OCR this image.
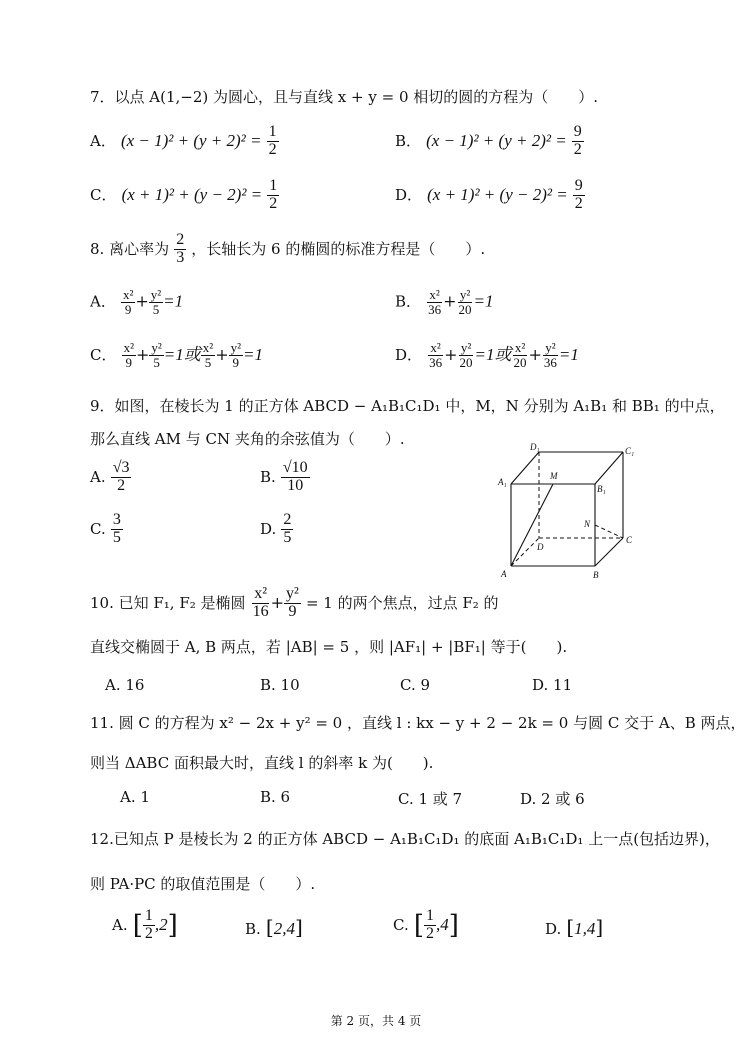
7．以点 A(1,−2) 为圆心，且与直线 x + y = 0 相切的圆的方程为（　　）.
A． $(x - 1)^2 + (y + 2)^2 = \frac{1}{2}$	B． $(x - 1)^2 + (y + 2)^2 = \frac{9}{2}$
C． $(x + 1)^2 + (y - 2)^2 = \frac{1}{2}$	D． $(x + 1)^2 + (y - 2)^2 = \frac{9}{2}$
8. 离心率为 $\frac{2}{3}$ ，长轴长为 6 的椭圆的标准方程是（　　）.
A． $\frac{\text{x²}}{9} + \frac{\text{y²}}{5} =1$	B． $\frac{\text{x²}}{36} + \frac{\text{y²}}{20} =1$
C． $\frac{\text{x²}}{9} + \frac{\text{y²}}{5} =1$或 $\frac{\text{x²}}{5} + \frac{\text{y²}}{9} =1$	D． $\frac{\text{x²}}{36} + \frac{\text{y²}}{20} =1$或 $\frac{\text{x²}}{20} + \frac{\text{y²}}{36} =1$
9．如图，在棱长为 1 的正方体 ABCD − A₁B₁C₁D₁ 中，M，N 分别为 A₁B₁ 和 BB₁ 的中点，
那么直线 AM 与 CN 夹角的余弦值为（　　）.
A. $\frac{√3}{2}$	B. $\frac{√10}{10}$
C. $\frac{3}{5}$	D. $\frac{2}{5}$
D₁	C₁
A₁
B₁
M
N
D
C
A	B
10. 已知 F₁, F₂ 是椭圆 $\frac{\text{x²}}{16} + \frac{\text{y²}}{9} = 1$ 的两个焦点，过点 F₂ 的
直线交椭圆于 A, B 两点，若 |AB| = 5 ，则 |AF₁| + |BF₁| 等于(　　).
A. 16	B. 10	C. 9	D. 11
11. 圆 C 的方程为 x² − 2x + y² = 0 ，直线 l : kx − y + 2 − 2k = 0 与圆 C 交于 A、B 两点，
则当 ΔABC 面积最大时，直线 l 的斜率 k 为(　　).
A. 1	B. 6	C. 1 或 7	D. 2 或 6
12.已知点 P 是棱长为 2 的正方体 ABCD − A₁B₁C₁D₁ 的底面 A₁B₁C₁D₁ 上一点(包括边界)，
则 PA·PC 的取值范围是（　　）.
A. [ $\frac{1}{2} ,2$]	B. [2,4]	C. [ $\frac{1}{2} ,4$]	D. [1,4]
第 2 页，共 4 页
